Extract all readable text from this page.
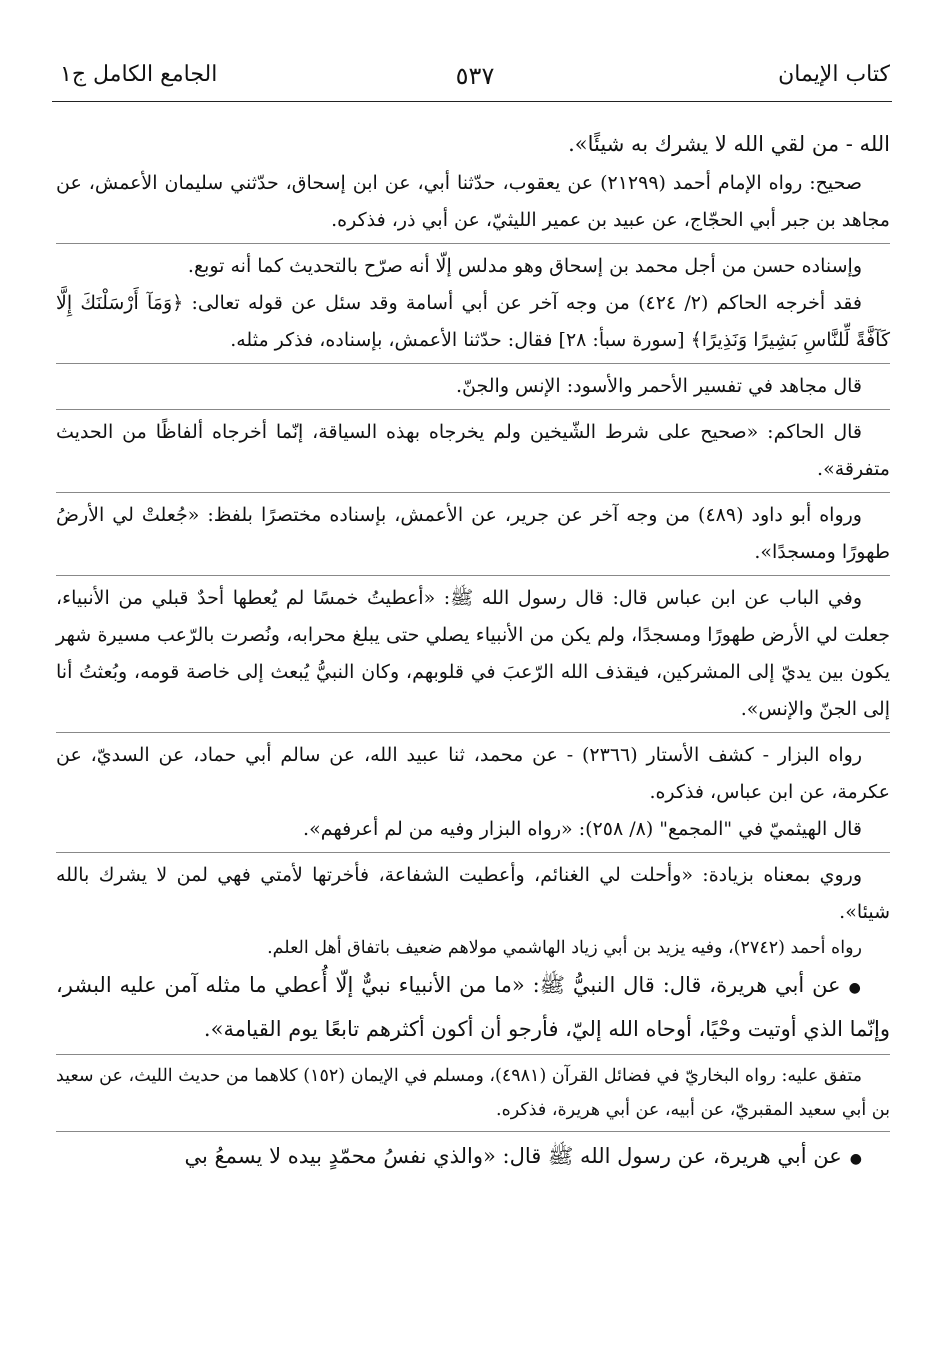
كتاب الإيمان
٥٣٧
الجامع الكامل ج١

الله - من لقي الله لا يشرك به شيئًا».

صحيح: رواه الإمام أحمد (٢١٢٩٩) عن يعقوب، حدّثنا أبي، عن ابن إسحاق، حدّثني سليمان الأعمش، عن مجاهد بن جبر أبي الحجّاج، عن عبيد بن عمير الليثيّ، عن أبي ذر، فذكره.

وإسناده حسن من أجل محمد بن إسحاق وهو مدلس إلّا أنه صرّح بالتحديث كما أنه توبع.

فقد أخرجه الحاكم (٢/ ٤٢٤) من وجه آخر عن أبي أسامة وقد سئل عن قوله تعالى: ﴿وَمَآ أَرْسَلْنَكَ إِلَّا كَآفَّةً لِّلنَّاسِ بَشِيرًا وَنَذِيرًا﴾ [سورة سبأ: ٢٨] فقال: حدّثنا الأعمش، بإسناده، فذكر مثله.

قال مجاهد في تفسير الأحمر والأسود: الإنس والجنّ.

قال الحاكم: «صحيح على شرط الشّيخين ولم يخرجاه بهذه السياقة، إنّما أخرجاه ألفاظًا من الحديث متفرقة».

ورواه أبو داود (٤٨٩) من وجه آخر عن جرير، عن الأعمش، بإسناده مختصرًا بلفظ: «جُعلتْ لي الأرضُ طهورًا ومسجدًا».

وفي الباب عن ابن عباس قال: قال رسول الله ﷺ: «أعطيتُ خمسًا لم يُعطها أحدٌ قبلي من الأنبياء، جعلت لي الأرض طهورًا ومسجدًا، ولم يكن من الأنبياء يصلي حتى يبلغ محرابه، ونُصرت بالرّعب مسيرة شهر يكون بين يديّ إلى المشركين، فيقذف الله الرّعبَ في قلوبهم، وكان النبيُّ يُبعث إلى خاصة قومه، وبُعثتُ أنا إلى الجنّ والإنس».

رواه البزار - كشف الأستار (٢٣٦٦) - عن محمد، ثنا عبيد الله، عن سالم أبي حماد، عن السديّ، عن عكرمة، عن ابن عباس، فذكره.

قال الهيثميّ في "المجمع" (٨/ ٢٥٨): «رواه البزار وفيه من لم أعرفهم».

وروي بمعناه بزيادة: «وأحلت لي الغنائم، وأعطيت الشفاعة، فأخرتها لأمتي فهي لمن لا يشرك بالله شيئا».

رواه أحمد (٢٧٤٢)، وفيه يزيد بن أبي زياد الهاشمي مولاهم ضعيف باتفاق أهل العلم.

●عن أبي هريرة، قال: قال النبيُّ ﷺ: «ما من الأنبياء نبيٌّ إلّا أُعطي ما مثله آمن عليه البشر، وإنّما الذي أوتيت وحْيًا، أوحاه الله إليّ، فأرجو أن أكون أكثرهم تابعًا يوم القيامة».

متفق عليه: رواه البخاريّ في فضائل القرآن (٤٩٨١)، ومسلم في الإيمان (١٥٢) كلاهما من حديث الليث، عن سعيد بن أبي سعيد المقبريّ، عن أبيه، عن أبي هريرة، فذكره.

●عن أبي هريرة، عن رسول الله ﷺ قال: «والذي نفسُ محمّدٍ بيده لا يسمعُ بي
